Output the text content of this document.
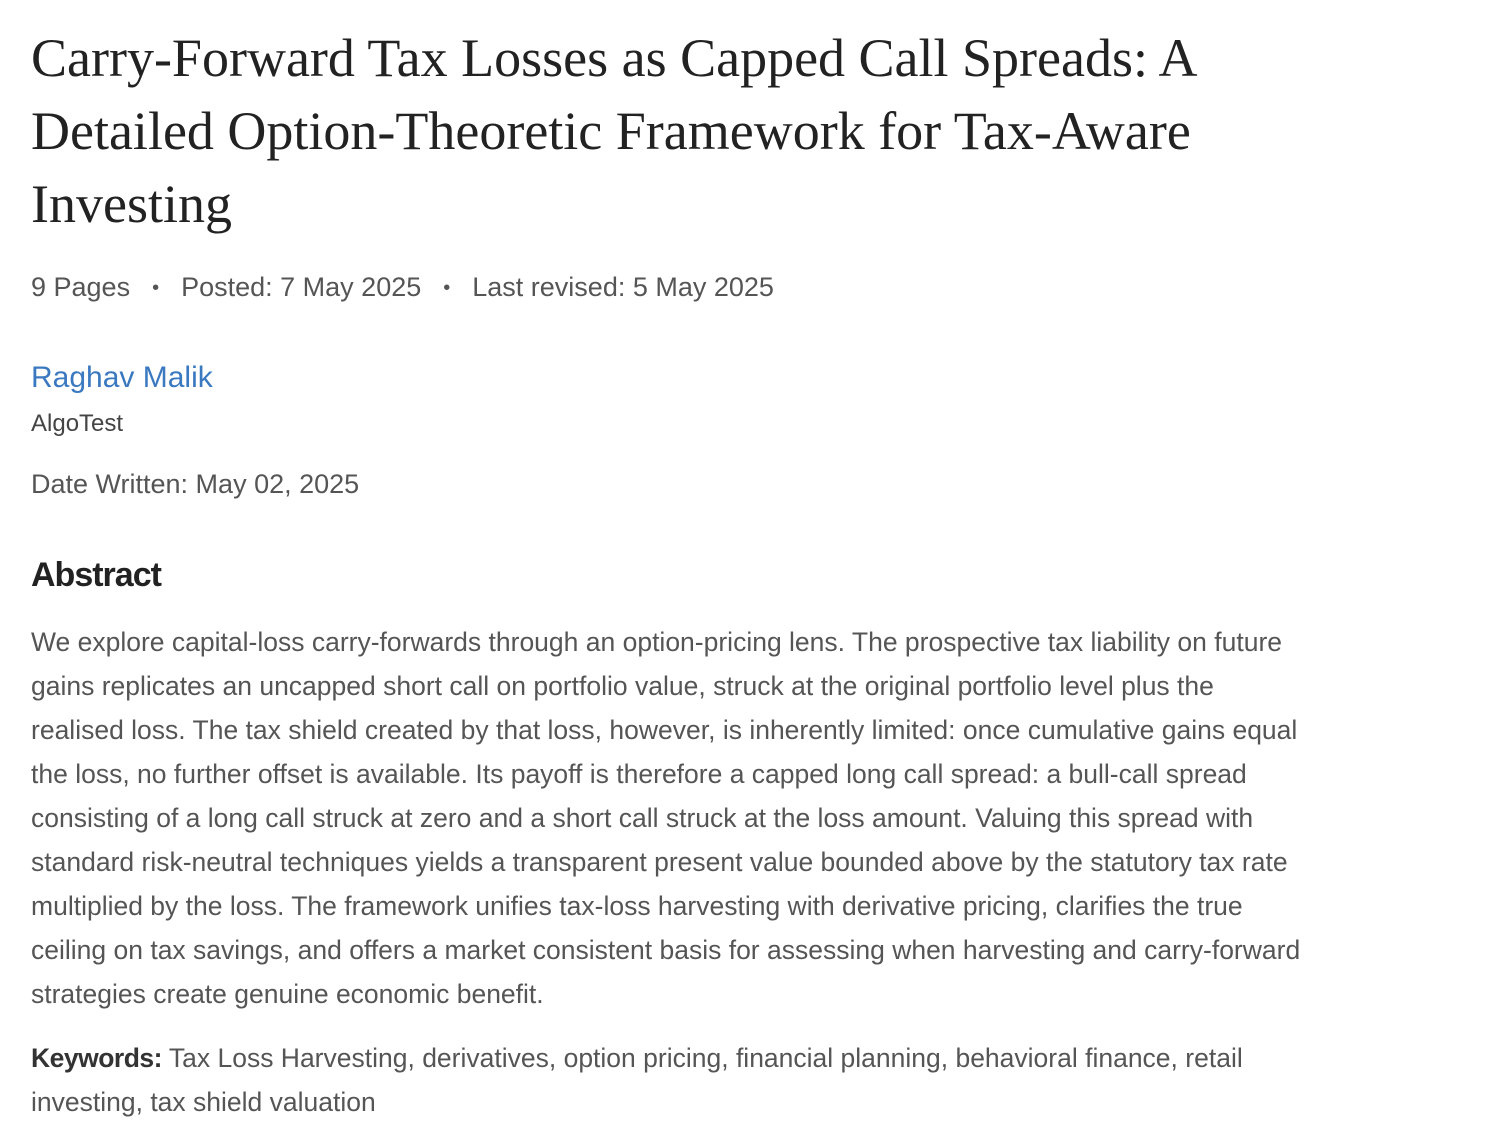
Carry-Forward Tax Losses as Capped Call Spreads: A
Detailed Option-Theoretic Framework for Tax-Aware
Investing
9 Pages • Posted: 7 May 2025 • Last revised: 5 May 2025
Raghav Malik
AlgoTest
Date Written: May 02, 2025
Abstract
We explore capital-loss carry-forwards through an option-pricing lens. The prospective tax liability on future
gains replicates an uncapped short call on portfolio value, struck at the original portfolio level plus the
realised loss. The tax shield created by that loss, however, is inherently limited: once cumulative gains equal
the loss, no further offset is available. Its payoff is therefore a capped long call spread: a bull-call spread
consisting of a long call struck at zero and a short call struck at the loss amount. Valuing this spread with
standard risk-neutral techniques yields a transparent present value bounded above by the statutory tax rate
multiplied by the loss. The framework unifies tax-loss harvesting with derivative pricing, clarifies the true
ceiling on tax savings, and offers a market consistent basis for assessing when harvesting and carry-forward
strategies create genuine economic benefit.
Keywords: Tax Loss Harvesting, derivatives, option pricing, financial planning, behavioral finance, retail
investing, tax shield valuation
